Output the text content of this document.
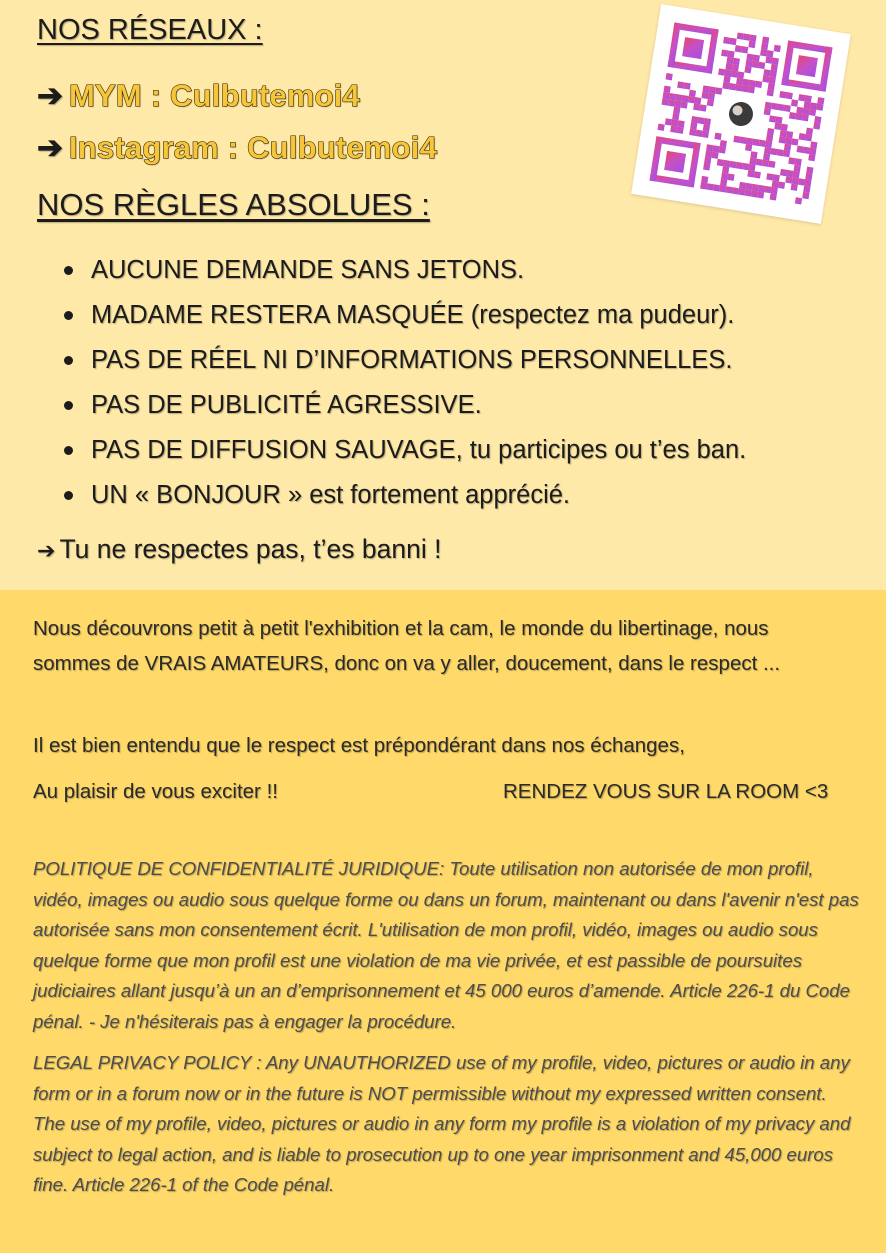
NOS RÉSEAUX :
➔ MYM : Culbutemoi4
➔ Instagram : Culbutemoi4
NOS RÈGLES ABSOLUES :
AUCUNE DEMANDE SANS JETONS.
MADAME RESTERA MASQUÉE (respectez ma pudeur).
PAS DE RÉEL NI D’INFORMATIONS PERSONNELLES.
PAS DE PUBLICITÉ AGRESSIVE.
PAS DE DIFFUSION SAUVAGE, tu participes ou t’es ban.
UN « BONJOUR » est fortement apprécié.
➔ Tu ne respectes pas, t’es banni !
Nous découvrons petit à petit l'exhibition et la cam, le monde du libertinage, nous sommes de VRAIS AMATEURS, donc on va y aller, doucement, dans le respect ...
Il est bien entendu que le respect est prépondérant dans nos échanges,
Au plaisir de vous exciter !!	RENDEZ VOUS SUR LA ROOM <3
POLITIQUE DE CONFIDENTIALITÉ JURIDIQUE: Toute utilisation non autorisée de mon profil, vidéo, images ou audio sous quelque forme ou dans un forum, maintenant ou dans l'avenir n'est pas autorisée sans mon consentement écrit. L'utilisation de mon profil, vidéo, images ou audio sous quelque forme que mon profil est une violation de ma vie privée, et est passible de poursuites judiciaires allant jusqu’à un an d’emprisonnement et 45 000 euros d’amende. Article 226-1 du Code pénal. - Je n'hésiterais pas à engager la procédure.
LEGAL PRIVACY POLICY : Any UNAUTHORIZED use of my profile, video, pictures or audio in any form or in a forum now or in the future is NOT permissible without my expressed written consent. The use of my profile, video, pictures or audio in any form my profile is a violation of my privacy and subject to legal action, and is liable to prosecution up to one year imprisonment and 45,000 euros fine. Article 226-1 of the Code pénal.
